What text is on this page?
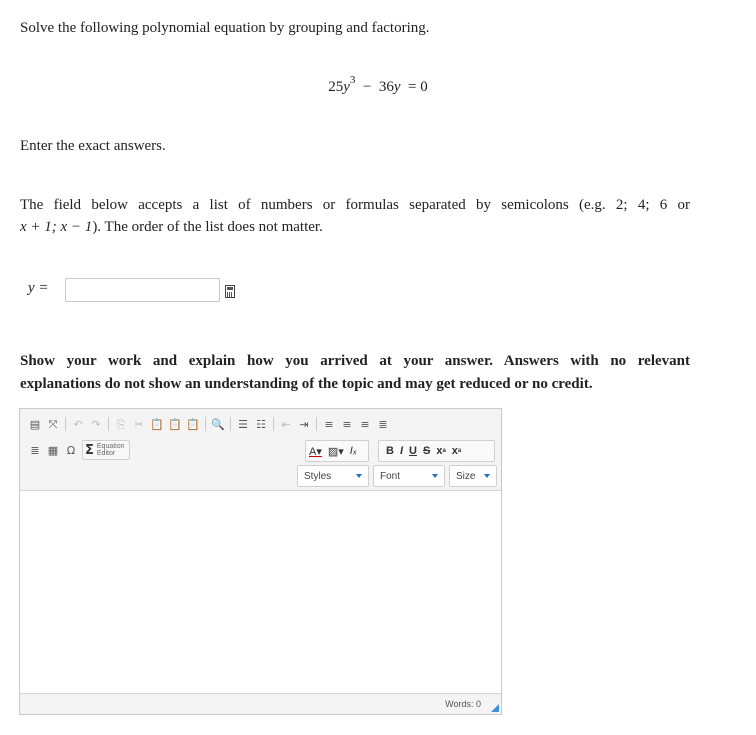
Solve the following polynomial equation by grouping and factoring.
$25y^3 - 36y = 0$
Enter the exact answers.
The field below accepts a list of numbers or formulas separated by semicolons (e.g. 2; 4; 6 or
x + 1; x − 1). The order of the list does not matter.
y =
Show your work and explain how you arrived at your answer. Answers with no relevant
explanations do not show an understanding of the topic and may get reduced or no credit.
▤ ⤧	↶ ↷	⎘ ✂ 📋 📋 📋 🔍 ☰ ☷	⇤ ⇥	≡ ≡ ≡ ≣
≣ ▦ Ω Σ Equation
Editor	A▾ ▨▾ Iₓ	B I U S x a x a
Styles	Font	Size
Words: 0
